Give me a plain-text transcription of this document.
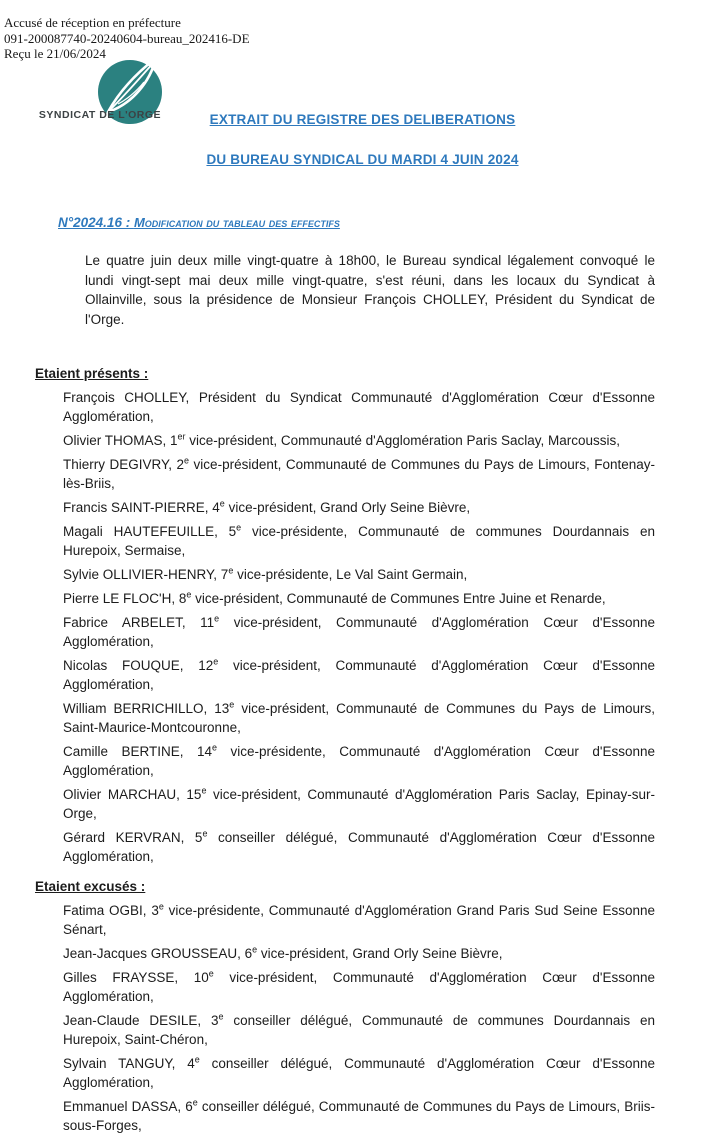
Accusé de réception en préfecture
091-200087740-20240604-bureau_202416-DE
Reçu le 21/06/2024
SYNDICAT DE L'ORGE	EXTRAIT DU REGISTRE DES DELIBERATIONS
DU BUREAU SYNDICAL DU MARDI 4 JUIN 2024
N°2024.16 : Modification du tableau des effectifs

Le quatre juin deux mille vingt-quatre à 18h00, le Bureau syndical légalement convoqué le lundi vingt-sept mai deux mille vingt-quatre, s'est réuni, dans les locaux du Syndicat à Ollainville, sous la présidence de Monsieur François CHOLLEY, Président du Syndicat de l'Orge.

Etaient présents :
François CHOLLEY, Président du Syndicat Communauté d'Agglomération Cœur d'Essonne Agglomération,
Olivier THOMAS, 1er vice-président, Communauté d'Agglomération Paris Saclay, Marcoussis,
Thierry DEGIVRY, 2e vice-président, Communauté de Communes du Pays de Limours, Fontenay-lès-Briis,
Francis SAINT-PIERRE, 4e vice-président, Grand Orly Seine Bièvre,
Magali HAUTEFEUILLE, 5e vice-présidente, Communauté de communes Dourdannais en Hurepoix, Sermaise,
Sylvie OLLIVIER-HENRY, 7e vice-présidente, Le Val Saint Germain,
Pierre LE FLOC'H, 8e vice-président, Communauté de Communes Entre Juine et Renarde,
Fabrice ARBELET, 11e vice-président, Communauté d'Agglomération Cœur d'Essonne Agglomération,
Nicolas FOUQUE, 12e vice-président, Communauté d'Agglomération Cœur d'Essonne Agglomération,
William BERRICHILLO, 13e vice-président, Communauté de Communes du Pays de Limours, Saint-Maurice-Montcouronne,
Camille BERTINE, 14e vice-présidente, Communauté d'Agglomération Cœur d'Essonne Agglomération,
Olivier MARCHAU, 15e vice-président, Communauté d'Agglomération Paris Saclay, Epinay-sur-Orge,
Gérard KERVRAN, 5e conseiller délégué, Communauté d'Agglomération Cœur d'Essonne Agglomération,
Etaient excusés :
Fatima OGBI, 3e vice-présidente, Communauté d'Agglomération Grand Paris Sud Seine Essonne Sénart,
Jean-Jacques GROUSSEAU, 6e vice-président, Grand Orly Seine Bièvre,
Gilles FRAYSSE, 10e vice-président, Communauté d'Agglomération Cœur d'Essonne Agglomération,
Jean-Claude DESILE, 3e conseiller délégué, Communauté de communes Dourdannais en Hurepoix, Saint-Chéron,
Sylvain TANGUY, 4e conseiller délégué, Communauté d'Agglomération Cœur d'Essonne Agglomération,
Emmanuel DASSA, 6e conseiller délégué, Communauté de Communes du Pays de Limours, Briis-sous-Forges,
